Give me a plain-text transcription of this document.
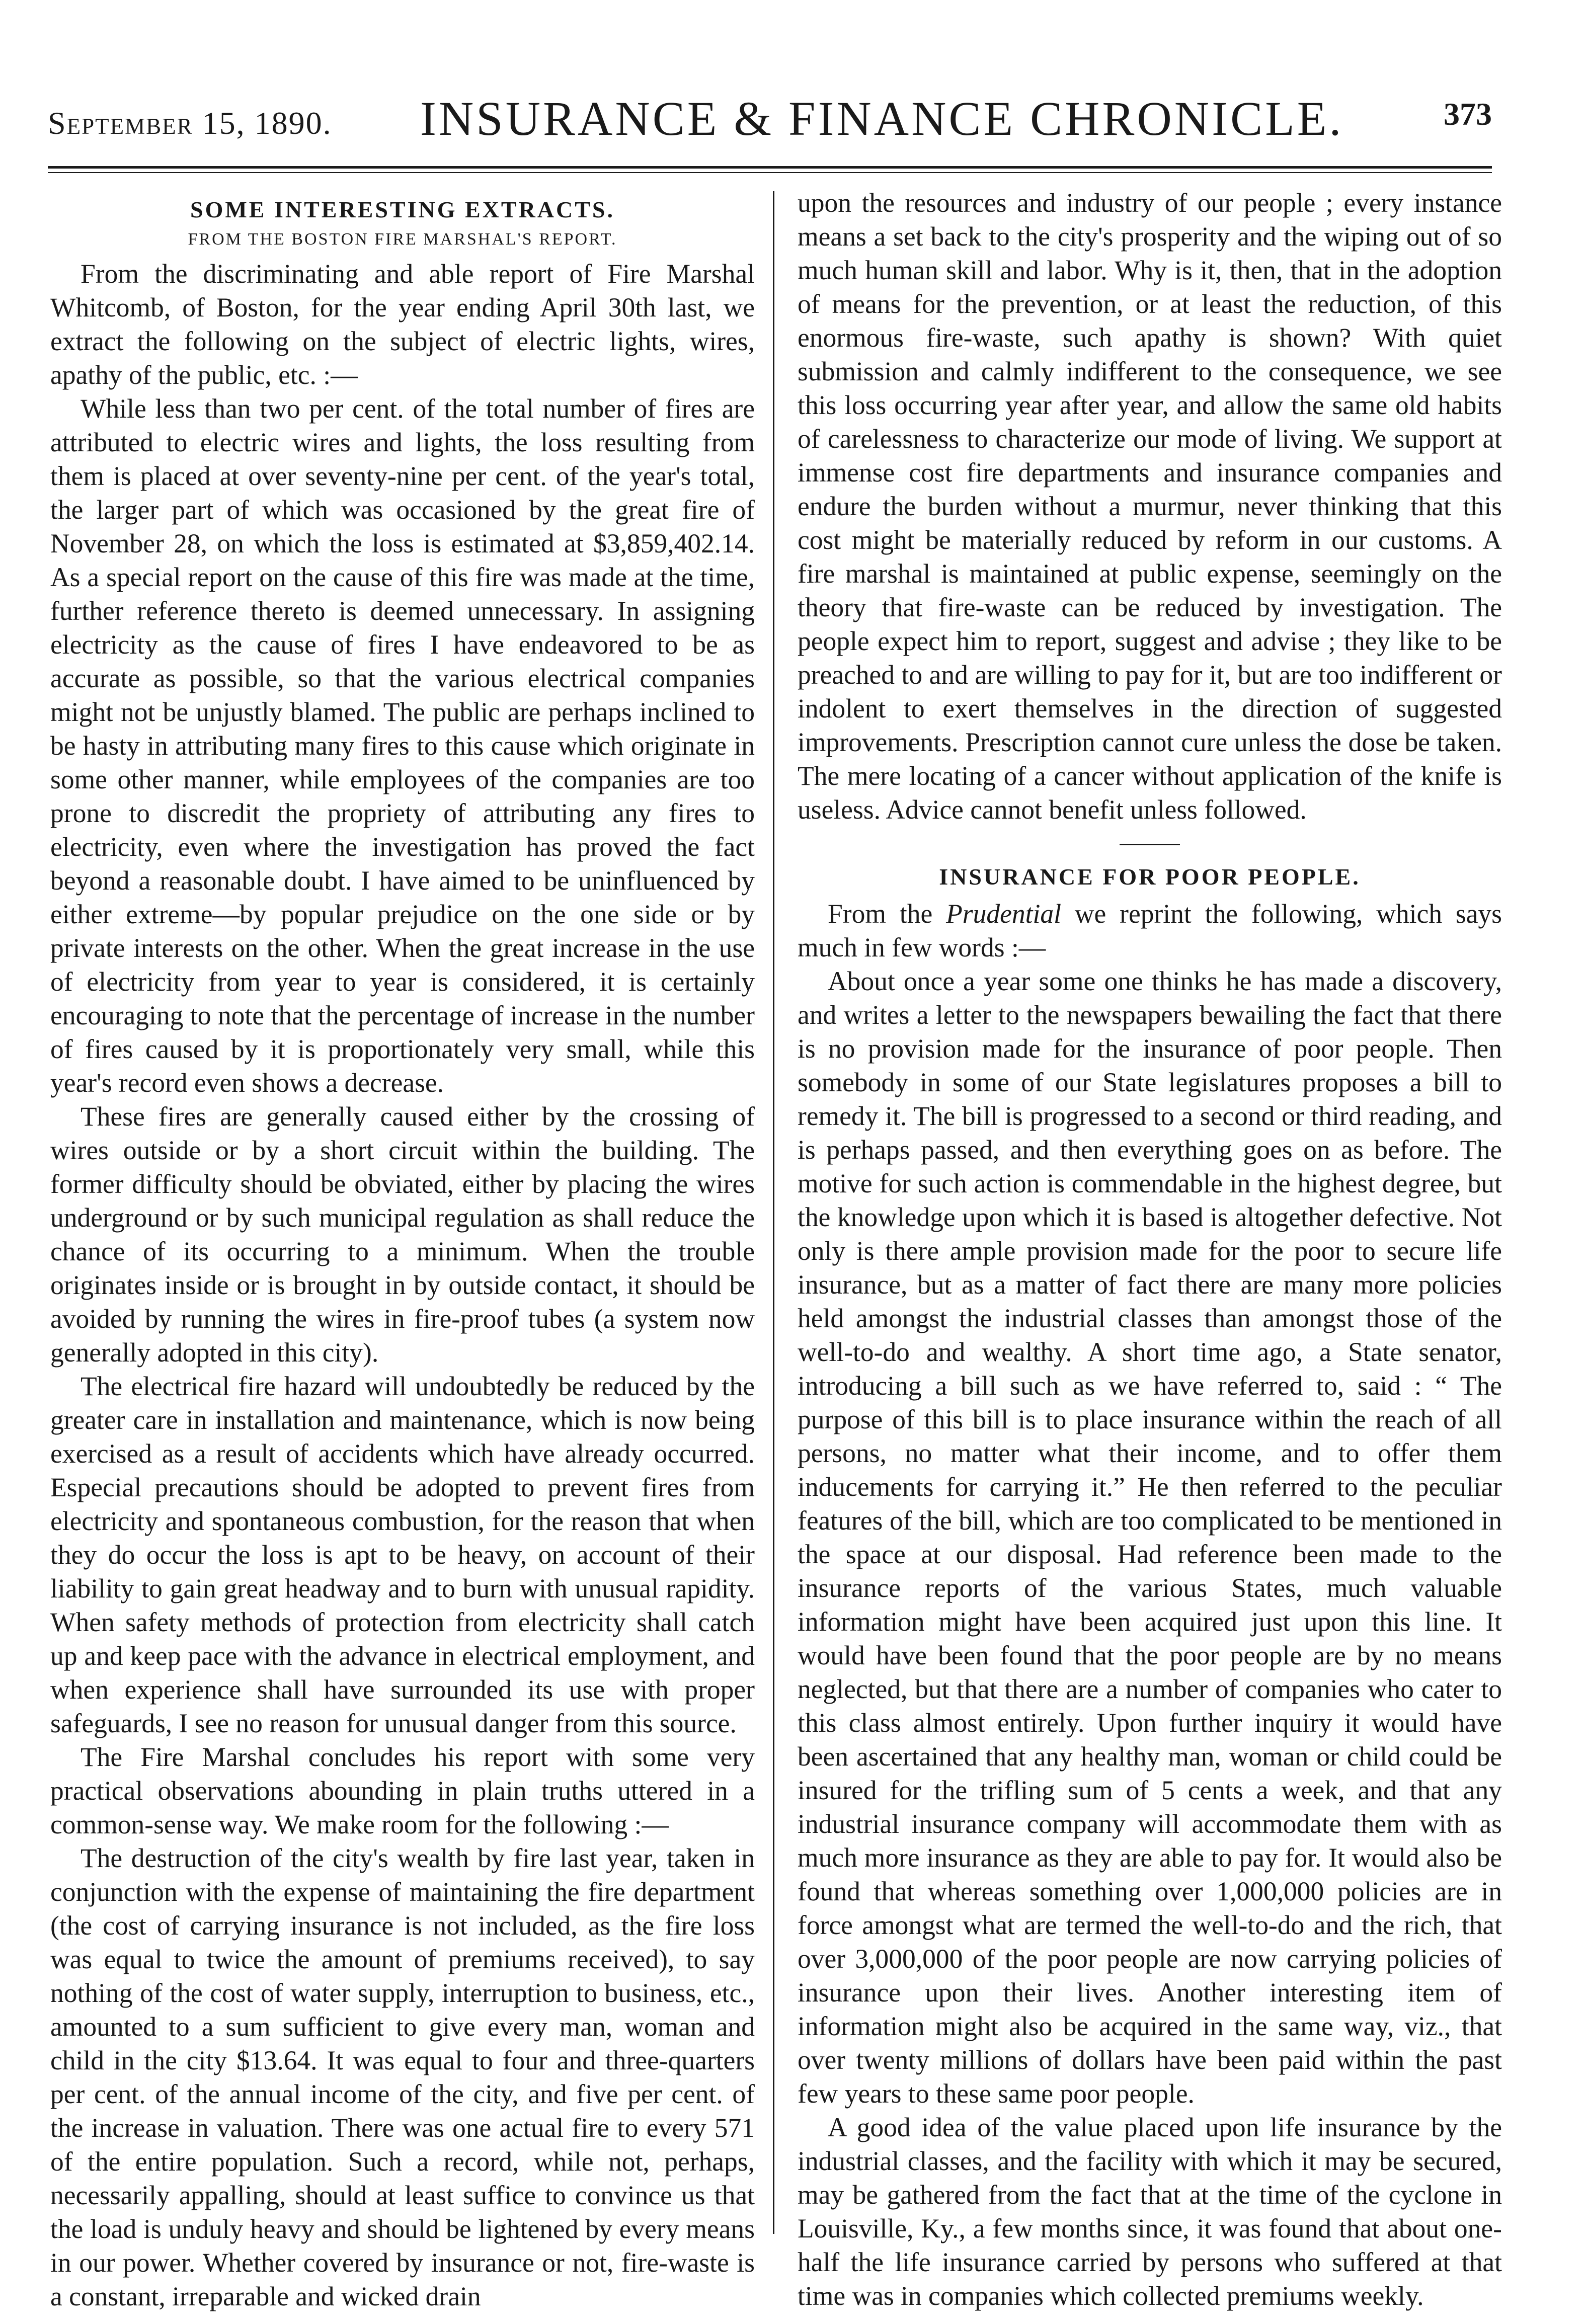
September 15, 1890. INSURANCE & FINANCE CHRONICLE.	373
SOME INTERESTING EXTRACTS.
FROM THE BOSTON FIRE MARSHAL'S REPORT.

From the discriminating and able report of Fire Marshal Whitcomb, of Boston, for the year ending April 30th last, we extract the following on the subject of electric lights, wires, apathy of the public, etc. :—

While less than two per cent. of the total number of fires are attributed to electric wires and lights, the loss resulting from them is placed at over seventy-nine per cent. of the year's total, the larger part of which was occasioned by the great fire of November 28, on which the loss is estimated at $3,859,402.14. As a special report on the cause of this fire was made at the time, further reference thereto is deemed unnecessary. In assigning electricity as the cause of fires I have endeavored to be as accurate as possible, so that the various electrical companies might not be unjustly blamed. The public are perhaps inclined to be hasty in attributing many fires to this cause which originate in some other manner, while employees of the companies are too prone to discredit the propriety of attributing any fires to electricity, even where the investigation has proved the fact beyond a reasonable doubt. I have aimed to be uninfluenced by either extreme—by popular prejudice on the one side or by private interests on the other. When the great increase in the use of electricity from year to year is considered, it is certainly encouraging to note that the percentage of increase in the number of fires caused by it is proportionately very small, while this year's record even shows a decrease.

These fires are generally caused either by the crossing of wires outside or by a short circuit within the building. The former difficulty should be obviated, either by placing the wires underground or by such municipal regulation as shall reduce the chance of its occurring to a minimum. When the trouble originates inside or is brought in by outside contact, it should be avoided by running the wires in fire-proof tubes (a system now generally adopted in this city).

The electrical fire hazard will undoubtedly be reduced by the greater care in installation and maintenance, which is now being exercised as a result of accidents which have already occurred. Especial precautions should be adopted to prevent fires from electricity and spontaneous combustion, for the reason that when they do occur the loss is apt to be heavy, on account of their liability to gain great headway and to burn with unusual rapidity. When safety methods of protection from electricity shall catch up and keep pace with the advance in electrical employment, and when experience shall have surrounded its use with proper safeguards, I see no reason for unusual danger from this source.

The Fire Marshal concludes his report with some very practical observations abounding in plain truths uttered in a common-sense way. We make room for the following :—

The destruction of the city's wealth by fire last year, taken in conjunction with the expense of maintaining the fire department (the cost of carrying insurance is not included, as the fire loss was equal to twice the amount of premiums received), to say nothing of the cost of water supply, interruption to business, etc., amounted to a sum sufficient to give every man, woman and child in the city $13.64. It was equal to four and three-quarters per cent. of the annual income of the city, and five per cent. of the increase in valuation. There was one actual fire to every 571 of the entire population. Such a record, while not, perhaps, necessarily appalling, should at least suffice to convince us that the load is unduly heavy and should be lightened by every means in our power. Whether covered by insurance or not, fire-waste is a constant, irreparable and wicked drain

upon the resources and industry of our people ; every instance means a set back to the city's prosperity and the wiping out of so much human skill and labor. Why is it, then, that in the adoption of means for the prevention, or at least the reduction, of this enormous fire-waste, such apathy is shown? With quiet submission and calmly indifferent to the consequence, we see this loss occurring year after year, and allow the same old habits of carelessness to characterize our mode of living. We support at immense cost fire departments and insurance companies and endure the burden without a murmur, never thinking that this cost might be materially reduced by reform in our customs. A fire marshal is maintained at public expense, seemingly on the theory that fire-waste can be reduced by investigation. The people expect him to report, suggest and advise ; they like to be preached to and are willing to pay for it, but are too indifferent or indolent to exert themselves in the direction of suggested improvements. Prescription cannot cure unless the dose be taken. The mere locating of a cancer without application of the knife is useless. Advice cannot benefit unless followed.

INSURANCE FOR POOR PEOPLE.

From the Prudential we reprint the following, which says much in few words :—

About once a year some one thinks he has made a discovery, and writes a letter to the newspapers bewailing the fact that there is no provision made for the insurance of poor people. Then somebody in some of our State legislatures proposes a bill to remedy it. The bill is progressed to a second or third reading, and is perhaps passed, and then everything goes on as before. The motive for such action is commendable in the highest degree, but the knowledge upon which it is based is altogether defective. Not only is there ample provision made for the poor to secure life insurance, but as a matter of fact there are many more policies held amongst the industrial classes than amongst those of the well-to-do and wealthy. A short time ago, a State senator, introducing a bill such as we have referred to, said : “ The purpose of this bill is to place insurance within the reach of all persons, no matter what their income, and to offer them inducements for carrying it.” He then referred to the peculiar features of the bill, which are too complicated to be mentioned in the space at our disposal. Had reference been made to the insurance reports of the various States, much valuable information might have been acquired just upon this line. It would have been found that the poor people are by no means neglected, but that there are a number of companies who cater to this class almost entirely. Upon further inquiry it would have been ascertained that any healthy man, woman or child could be insured for the trifling sum of 5 cents a week, and that any industrial insurance company will accommodate them with as much more insurance as they are able to pay for. It would also be found that whereas something over 1,000,000 policies are in force amongst what are termed the well-to-do and the rich, that over 3,000,000 of the poor people are now carrying policies of insurance upon their lives. Another interesting item of information might also be acquired in the same way, viz., that over twenty millions of dollars have been paid within the past few years to these same poor people.

A good idea of the value placed upon life insurance by the industrial classes, and the facility with which it may be secured, may be gathered from the fact that at the time of the cyclone in Louisville, Ky., a few months since, it was found that about one-half the life insurance carried by persons who suffered at that time was in companies which collected premiums weekly.
